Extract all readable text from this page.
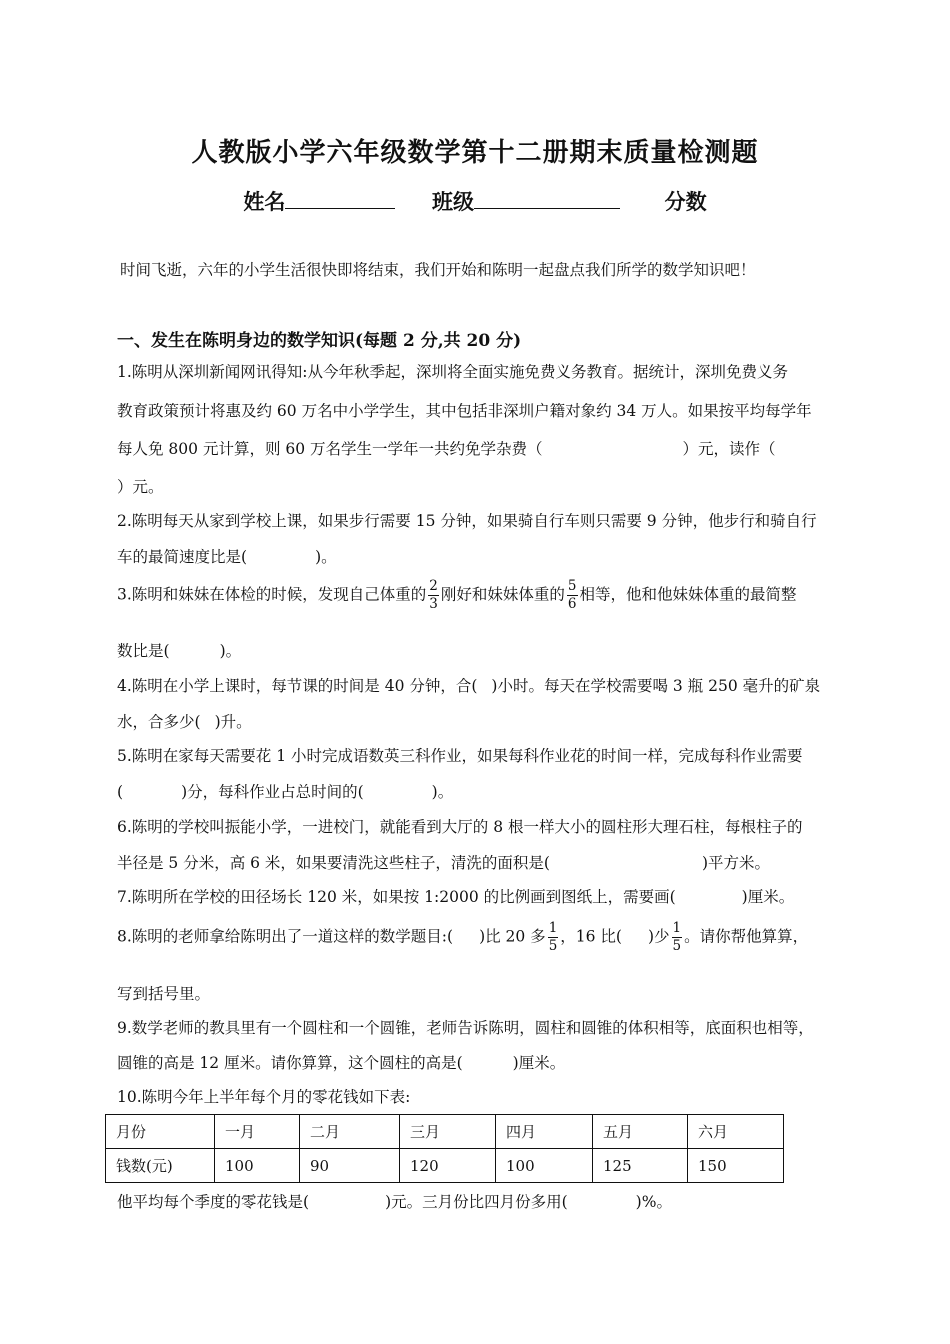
人教版小学六年级数学第十二册期末质量检测题
姓名	班级	分数
时间飞逝，六年的小学生活很快即将结束，我们开始和陈明一起盘点我们所学的数学知识吧！
一、发生在陈明身边的数学知识(每题 2 分,共 20 分)
1.陈明从深圳新闻网讯得知:从今年秋季起，深圳将全面实施免费义务教育。据统计，深圳免费义务
教育政策预计将惠及约 60 万名中小学学生，其中包括非深圳户籍对象约 34 万人。如果按平均每学年
每人免 800 元计算，则 60 万名学生一学年一共约免学杂费（	）元，读作（
）元。
2.陈明每天从家到学校上课，如果步行需要 15 分钟，如果骑自行车则只需要 9 分钟，他步行和骑自行
车的最简速度比是(	)。
3.陈明和妹妹在体检的时候，发现自己体重的 $\frac{2}{3}$ 刚好和妹妹体重的 $\frac{5}{6}$ 相等，他和他妹妹体重的最简整
数比是(	)。
4.陈明在小学上课时，每节课的时间是 40 分钟，合( )小时。每天在学校需要喝 3 瓶 250 毫升的矿泉
水，合多少( )升。
5.陈明在家每天需要花 1 小时完成语数英三科作业，如果每科作业花的时间一样，完成每科作业需要
(	)分，每科作业占总时间的(	)。
6.陈明的学校叫振能小学，一进校门，就能看到大厅的 8 根一样大小的圆柱形大理石柱，每根柱子的
半径是 5 分米，高 6 米，如果要清洗这些柱子，清洗的面积是(	)平方米。
7.陈明所在学校的田径场长 120 米，如果按 1:2000 的比例画到图纸上，需要画(	)厘米。
8.陈明的老师拿给陈明出了一道这样的数学题目:( )比 20 多 $\frac{1}{5}$ ，16 比( )少 $\frac{1}{5}$ 。请你帮他算算，
写到括号里。
9.数学老师的教具里有一个圆柱和一个圆锥，老师告诉陈明，圆柱和圆锥的体积相等，底面积也相等，
圆锥的高是 12 厘米。请你算算，这个圆柱的高是(	)厘米。
10.陈明今年上半年每个月的零花钱如下表:
月份	一月	二月	三月	四月	五月	六月
钱数(元)	100	90	120	100	125	150
他平均每个季度的零花钱是(	)元。三月份比四月份多用(	)%。
